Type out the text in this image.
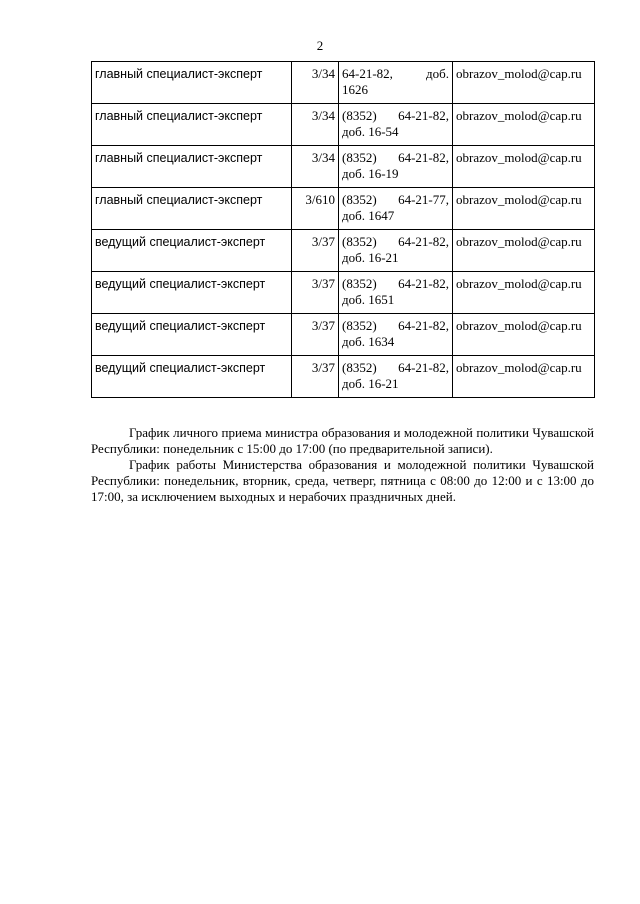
2
главный специалист-эксперт	3/34	64-21-82, доб.
1626	obrazov_molod@cap.ru
главный специалист-эксперт	3/34	(8352) 64-21-82,
доб. 16-54	obrazov_molod@cap.ru
главный специалист-эксперт	3/34	(8352) 64-21-82,
доб. 16-19	obrazov_molod@cap.ru
главный специалист-эксперт	3/610	(8352) 64-21-77,
доб. 1647	obrazov_molod@cap.ru
ведущий специалист-эксперт	3/37	(8352) 64-21-82,
доб. 16-21	obrazov_molod@cap.ru
ведущий специалист-эксперт	3/37	(8352) 64-21-82,
доб. 1651	obrazov_molod@cap.ru
ведущий специалист-эксперт	3/37	(8352) 64-21-82,
доб. 1634	obrazov_molod@cap.ru
ведущий специалист-эксперт	3/37	(8352) 64-21-82,
доб. 16-21	obrazov_molod@cap.ru

График личного приема министра образования и молодежной политики Чувашской Республики: понедельник с 15:00 до 17:00 (по предварительной записи).

График работы Министерства образования и молодежной политики Чувашской Республики: понедельник, вторник, среда, четверг, пятница с 08:00 до 12:00 и с 13:00 до 17:00, за исключением выходных и нерабочих праздничных дней.
